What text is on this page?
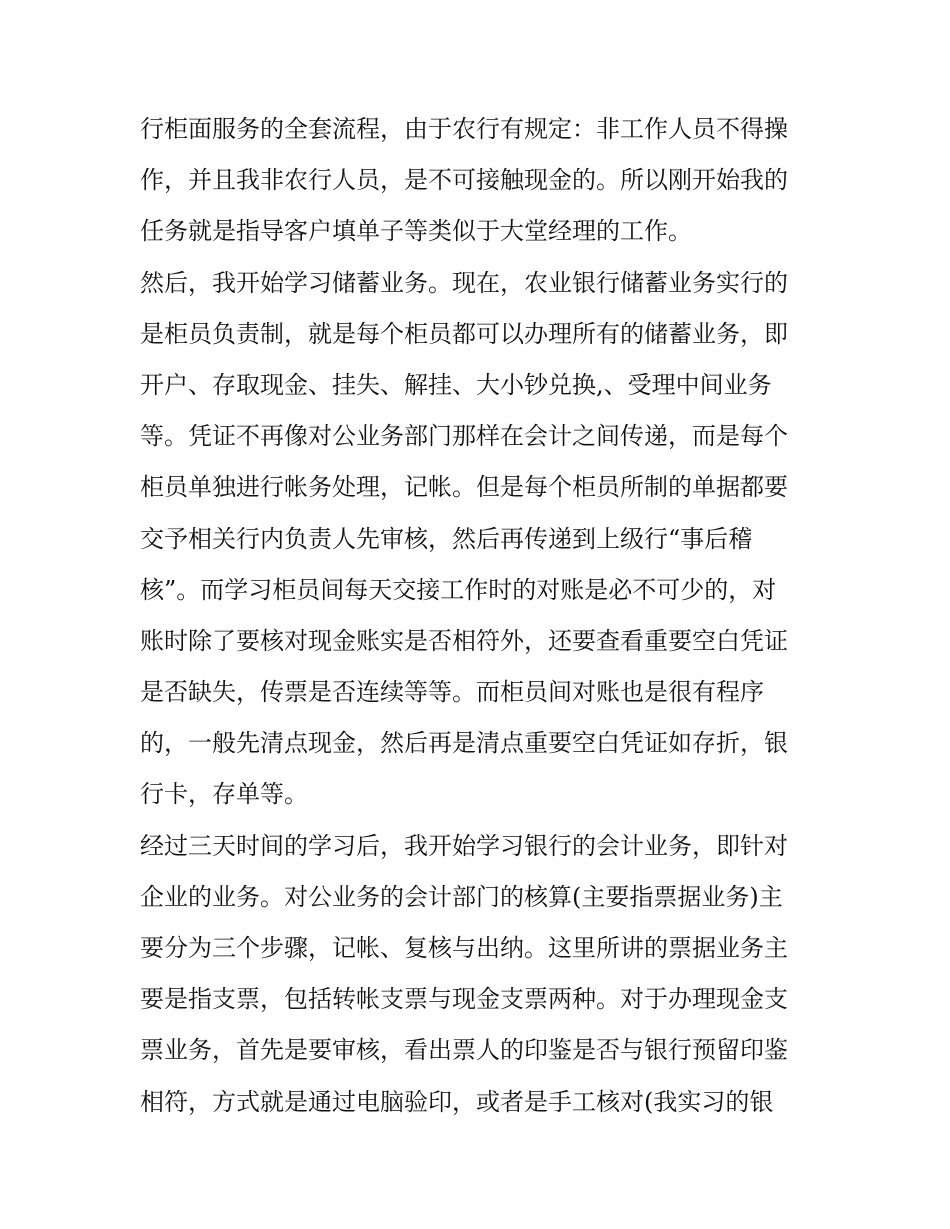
行柜面服务的全套流程，由于农行有规定：非工作人员不得操
作，并且我非农行人员，是不可接触现金的。所以刚开始我的
任务就是指导客户填单子等类似于大堂经理的工作。
然后，我开始学习储蓄业务。现在，农业银行储蓄业务实行的
是柜员负责制，就是每个柜员都可以办理所有的储蓄业务，即
开户、存取现金、挂失、解挂、大小钞兑换,、受理中间业务
等。凭证不再像对公业务部门那样在会计之间传递，而是每个
柜员单独进行帐务处理，记帐。但是每个柜员所制的单据都要
交予相关行内负责人先审核，然后再传递到上级行“事后稽
核”。而学习柜员间每天交接工作时的对账是必不可少的，对
账时除了要核对现金账实是否相符外，还要查看重要空白凭证
是否缺失，传票是否连续等等。而柜员间对账也是很有程序
的，一般先清点现金，然后再是清点重要空白凭证如存折，银
行卡，存单等。
经过三天时间的学习后，我开始学习银行的会计业务，即针对
企业的业务。对公业务的会计部门的核算(主要指票据业务)主
要分为三个步骤，记帐、复核与出纳。这里所讲的票据业务主
要是指支票，包括转帐支票与现金支票两种。对于办理现金支
票业务，首先是要审核，看出票人的印鉴是否与银行预留印鉴
相符，方式就是通过电脑验印，或者是手工核对(我实习的银
